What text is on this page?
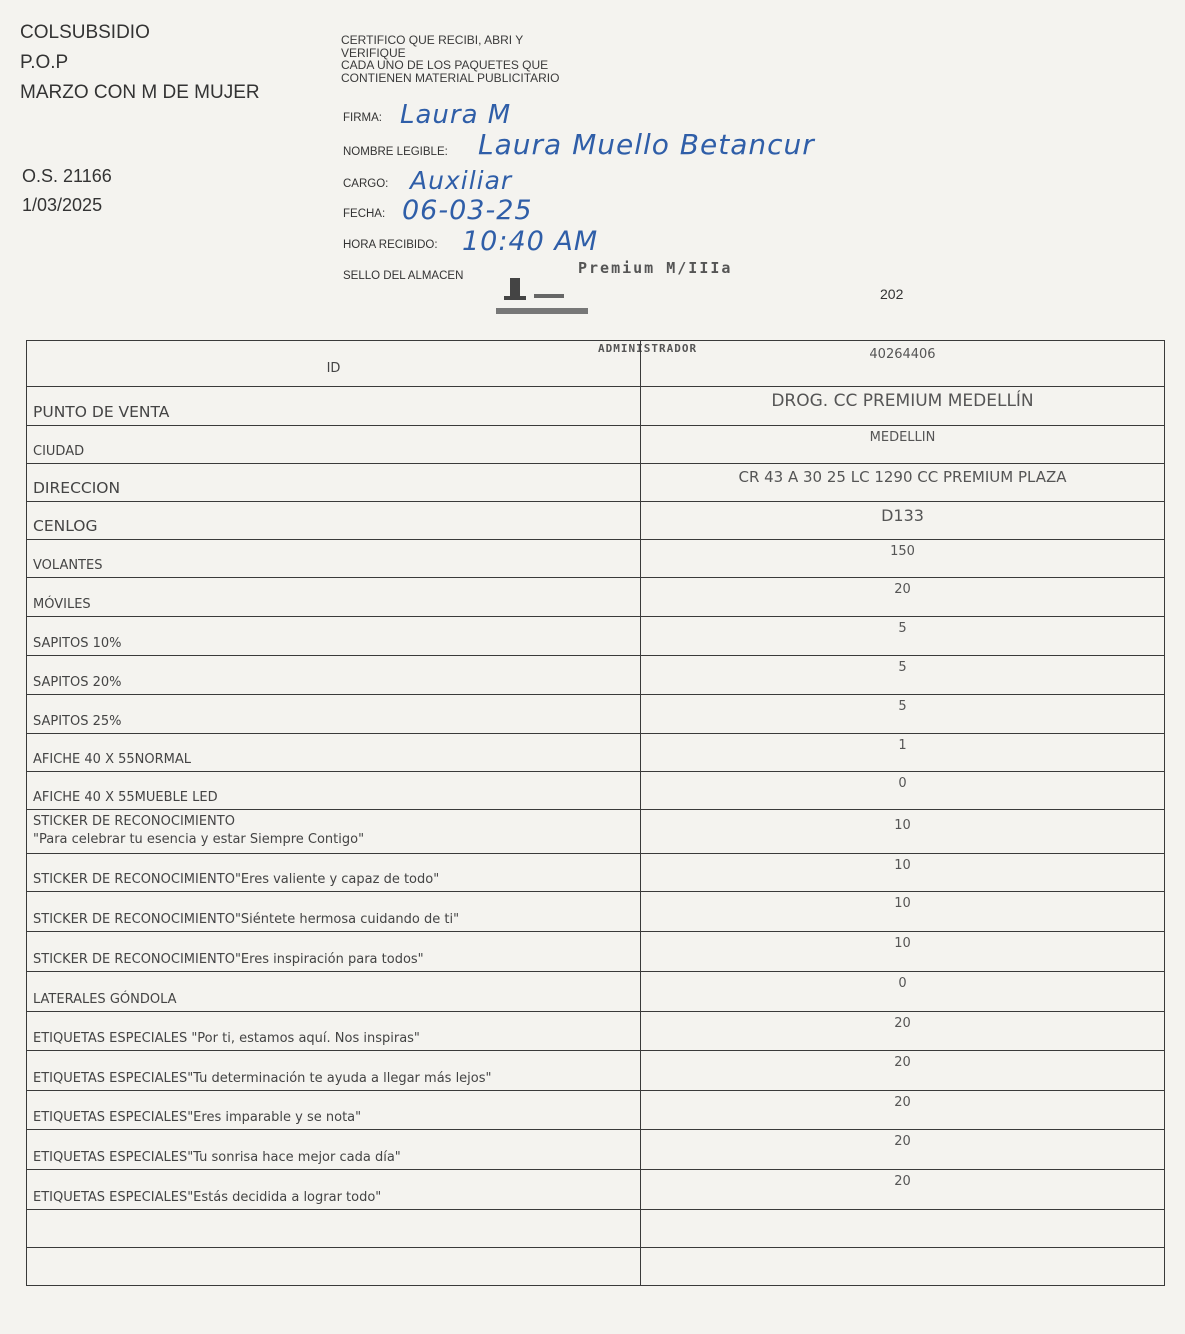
COLSUBSIDIO
P.O.P
MARZO CON M DE MUJER
O.S. 21166
1/03/2025
CERTIFICO QUE RECIBI, ABRI Y
VERIFIQUE
CADA UNO DE LOS PAQUETES QUE
CONTIENEN MATERIAL PUBLICITARIO
FIRMA: Laura M
NOMBRE LEGIBLE: Laura Muello Betancur
CARGO: Auxiliar
FECHA: 06-03-25
HORA RECIBIDO: 10:40 AM
SELLO DEL ALMACEN	Premium M/IIIa
ADMINISTRADOR
202
ID	40264406
PUNTO DE VENTA	DROG. CC PREMIUM MEDELLÍN
CIUDAD	MEDELLIN
DIRECCION	CR 43 A 30 25 LC 1290 CC PREMIUM PLAZA
CENLOG	D133
VOLANTES	150
MÓVILES	20
SAPITOS 10%	5
SAPITOS 20%	5
SAPITOS 25%	5
AFICHE 40 X 55NORMAL	1
AFICHE 40 X 55MUEBLE LED	0

STICKER DE RECONOCIMIENTO
"Para celebrar tu esencia y estar Siempre Contigo"	10
STICKER DE RECONOCIMIENTO"Eres valiente y capaz de todo"	10
STICKER DE RECONOCIMIENTO"Siéntete hermosa cuidando de ti"	10
STICKER DE RECONOCIMIENTO"Eres inspiración para todos"	10
LATERALES GÓNDOLA	0
ETIQUETAS ESPECIALES "Por ti, estamos aquí. Nos inspiras"	20
ETIQUETAS ESPECIALES"Tu determinación te ayuda a llegar más lejos"	20
ETIQUETAS ESPECIALES"Eres imparable y se nota"	20
ETIQUETAS ESPECIALES"Tu sonrisa hace mejor cada día"	20
ETIQUETAS ESPECIALES"Estás decidida a lograr todo"	20
